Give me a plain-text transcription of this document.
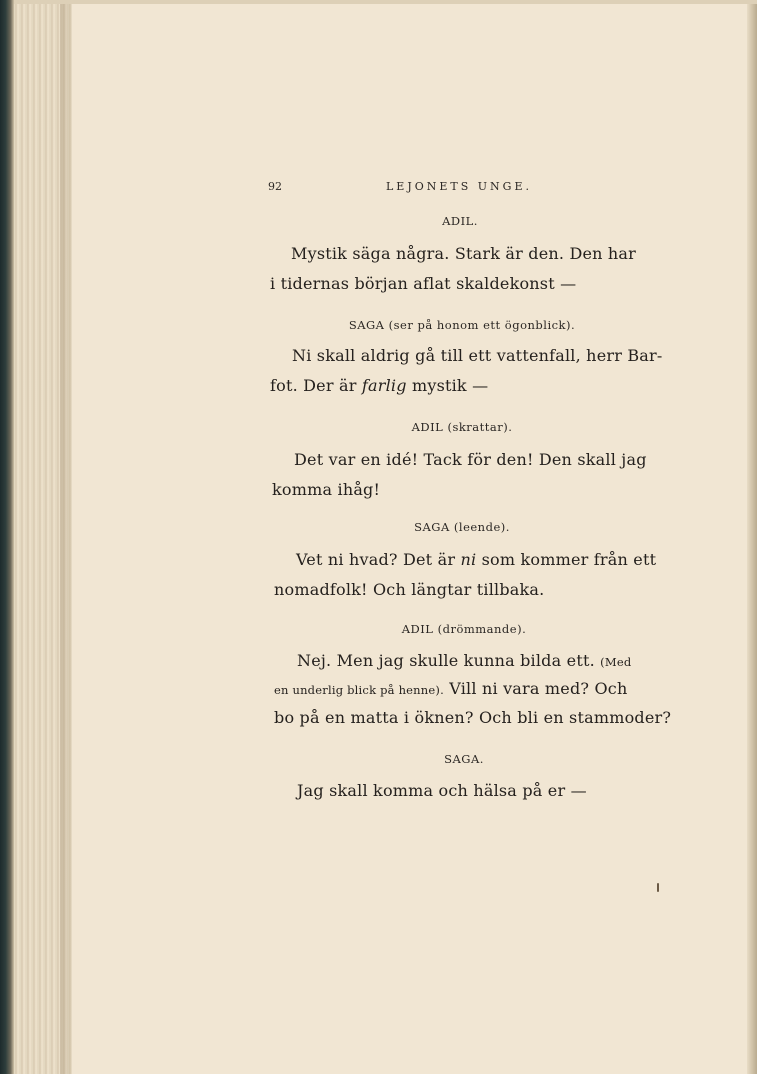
92	LEJONETS UNGE.
ADIL.
Mystik säga några. Stark är den. Den har
i tidernas början aflat skaldekonst —
SAGA (ser på honom ett ögonblick).
Ni skall aldrig gå till ett vattenfall, herr Bar-
fot. Der är farlig mystik —
ADIL (skrattar).
Det var en idé! Tack för den! Den skall jag
komma ihåg!
SAGA (leende).
Vet ni hvad? Det är ni som kommer från ett
nomadfolk! Och längtar tillbaka.
ADIL (drömmande).
Nej. Men jag skulle kunna bilda ett. (Med
en underlig blick på henne). Vill ni vara med? Och
bo på en matta i öknen? Och bli en stammoder?
SAGA.
Jag skall komma och hälsa på er —
